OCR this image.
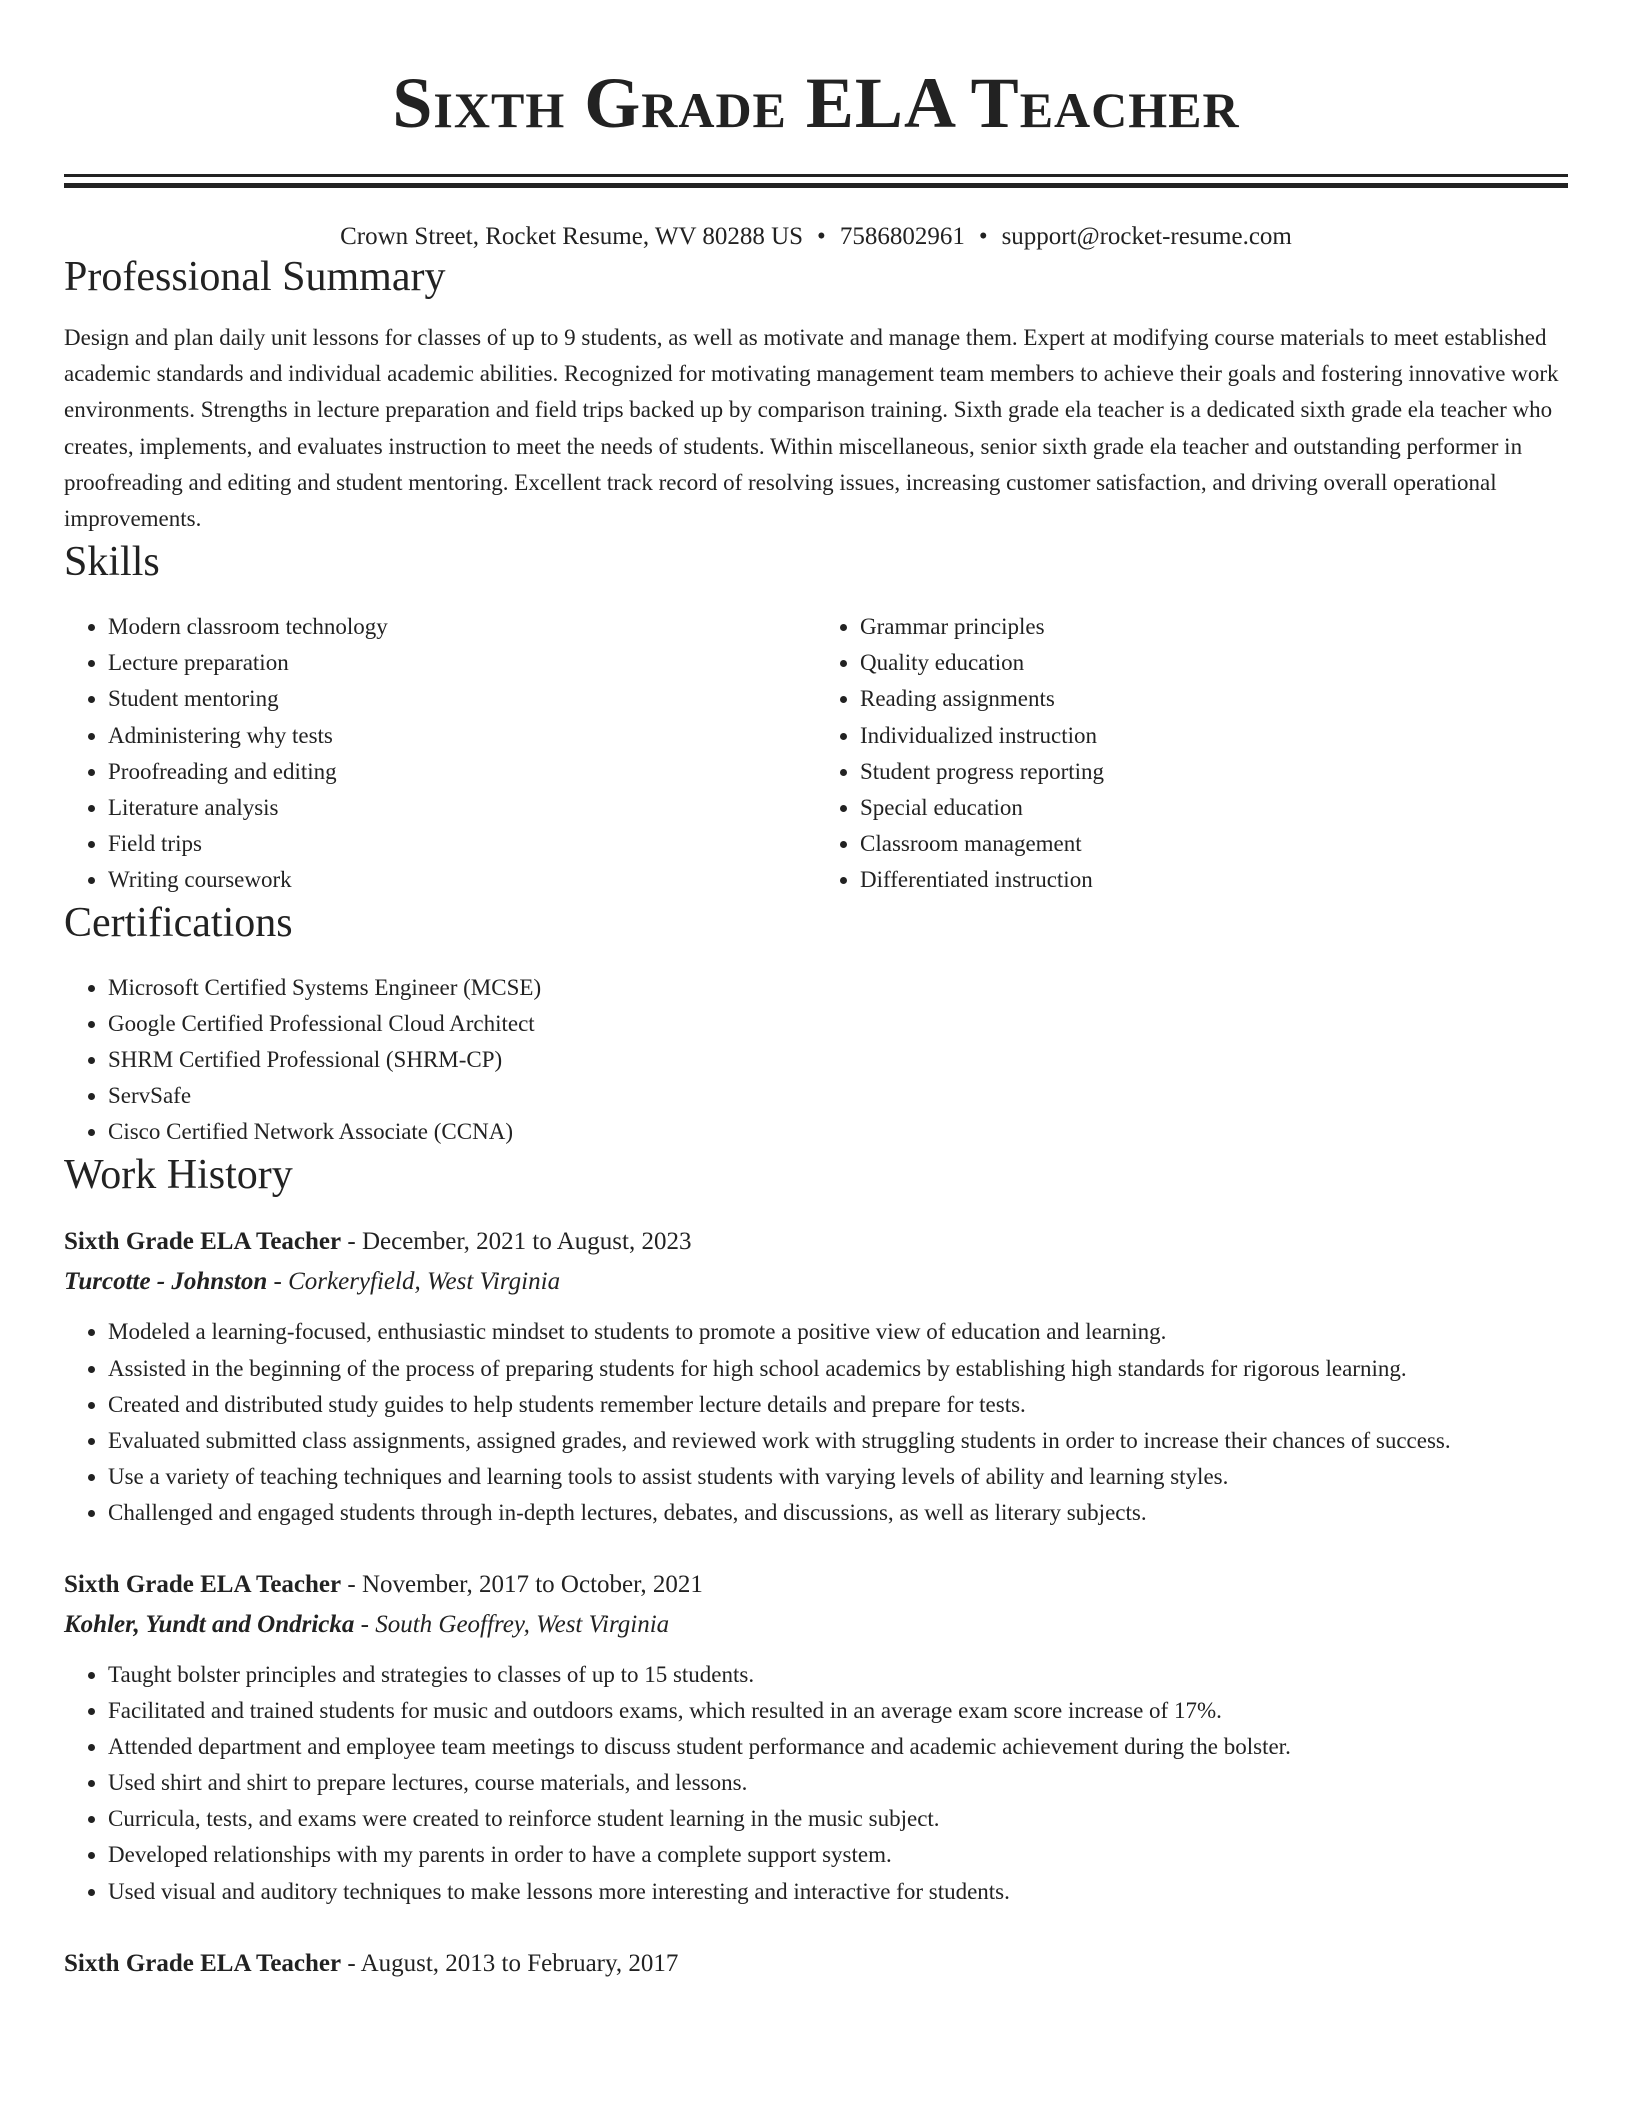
Sixth Grade ELA Teacher
Crown Street, Rocket Resume, WV 80288 US • 7586802961 • support@rocket-resume.com
Professional Summary
Design and plan daily unit lessons for classes of up to 9 students, as well as motivate and manage them. Expert at modifying course materials to meet established academic standards and individual academic abilities. Recognized for motivating management team members to achieve their goals and fostering innovative work environments. Strengths in lecture preparation and field trips backed up by comparison training. Sixth grade ela teacher is a dedicated sixth grade ela teacher who creates, implements, and evaluates instruction to meet the needs of students. Within miscellaneous, senior sixth grade ela teacher and outstanding performer in proofreading and editing and student mentoring. Excellent track record of resolving issues, increasing customer satisfaction, and driving overall operational improvements.
Skills
• Modern classroom technology
• Lecture preparation
• Student mentoring
• Administering why tests
• Proofreading and editing
• Literature analysis
• Field trips
• Writing coursework
• Grammar principles
• Quality education
• Reading assignments
• Individualized instruction
• Student progress reporting
• Special education
• Classroom management
• Differentiated instruction
Certifications
• Microsoft Certified Systems Engineer (MCSE)
• Google Certified Professional Cloud Architect
• SHRM Certified Professional (SHRM-CP)
• ServSafe
• Cisco Certified Network Associate (CCNA)
Work History
Sixth Grade ELA Teacher - December, 2021 to August, 2023
Turcotte - Johnston - Corkeryfield, West Virginia
• Modeled a learning-focused, enthusiastic mindset to students to promote a positive view of education and learning.
• Assisted in the beginning of the process of preparing students for high school academics by establishing high standards for rigorous learning.
• Created and distributed study guides to help students remember lecture details and prepare for tests.
• Evaluated submitted class assignments, assigned grades, and reviewed work with struggling students in order to increase their chances of success.
• Use a variety of teaching techniques and learning tools to assist students with varying levels of ability and learning styles.
• Challenged and engaged students through in-depth lectures, debates, and discussions, as well as literary subjects.
Sixth Grade ELA Teacher - November, 2017 to October, 2021
Kohler, Yundt and Ondricka - South Geoffrey, West Virginia
• Taught bolster principles and strategies to classes of up to 15 students.
• Facilitated and trained students for music and outdoors exams, which resulted in an average exam score increase of 17%.
• Attended department and employee team meetings to discuss student performance and academic achievement during the bolster.
• Used shirt and shirt to prepare lectures, course materials, and lessons.
• Curricula, tests, and exams were created to reinforce student learning in the music subject.
• Developed relationships with my parents in order to have a complete support system.
• Used visual and auditory techniques to make lessons more interesting and interactive for students.
Sixth Grade ELA Teacher - August, 2013 to February, 2017
